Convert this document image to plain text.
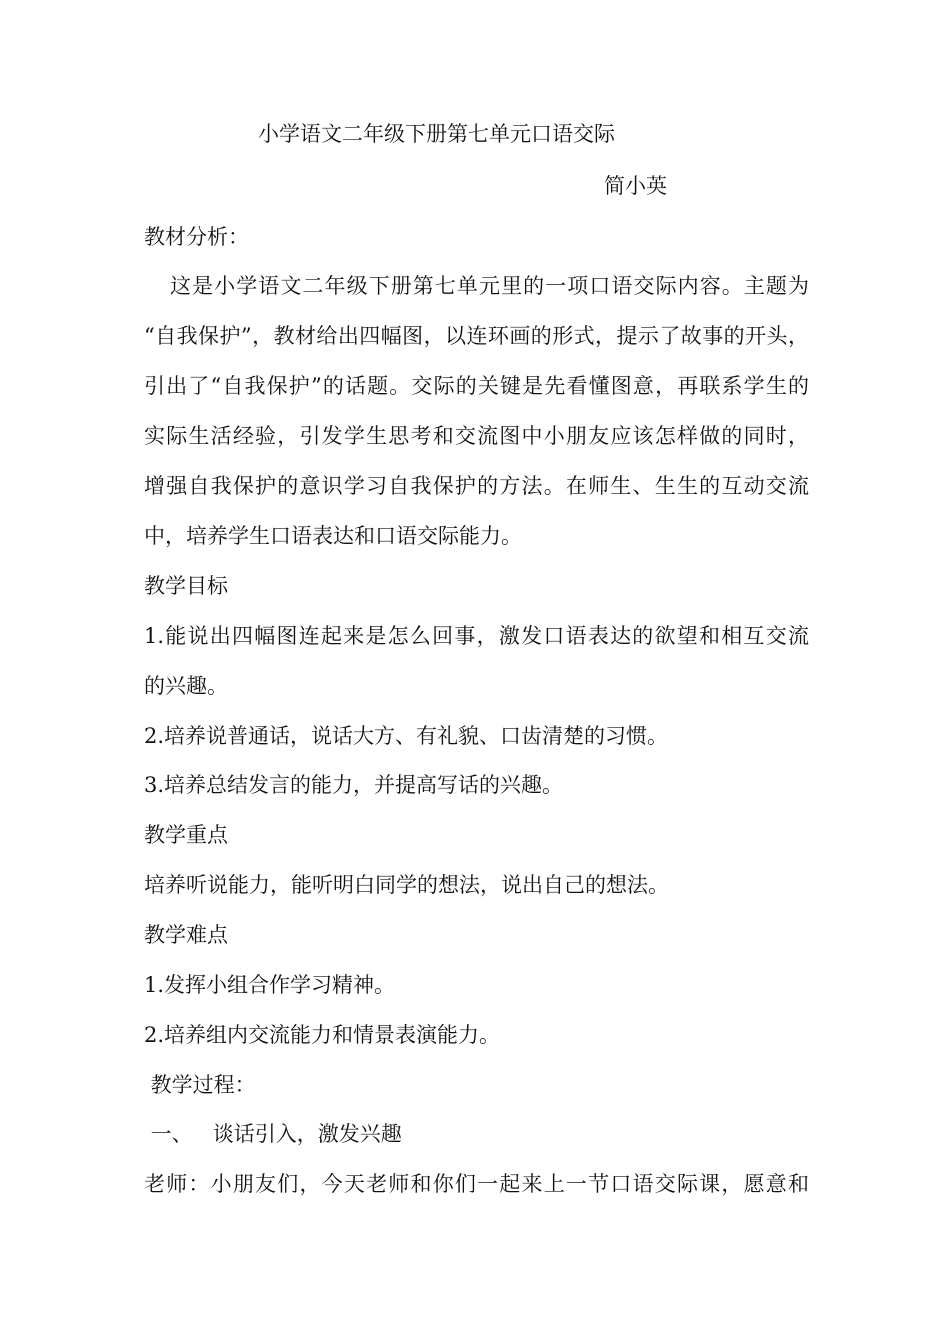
小学语文二年级下册第七单元口语交际
简小英
教材分析：
这是小学语文二年级下册第七单元里的一项口语交际内容。主题为
“自我保护”，教材给出四幅图，以连环画的形式，提示了故事的开头，
引出了“自我保护”的话题。交际的关键是先看懂图意，再联系学生的
实际生活经验，引发学生思考和交流图中小朋友应该怎样做的同时，
增强自我保护的意识学习自我保护的方法。在师生、生生的互动交流
中，培养学生口语表达和口语交际能力。
教学目标
1.能说出四幅图连起来是怎么回事，激发口语表达的欲望和相互交流
的兴趣。
2.培养说普通话，说话大方、有礼貌、口齿清楚的习惯。
3.培养总结发言的能力，并提高写话的兴趣。
教学重点
培养听说能力，能听明白同学的想法，说出自己的想法。
教学难点
1.发挥小组合作学习精神。
2.培养组内交流能力和情景表演能力。
教学过程：
一、   谈话引入，激发兴趣
老师：小朋友们，今天老师和你们一起来上一节口语交际课，愿意和
